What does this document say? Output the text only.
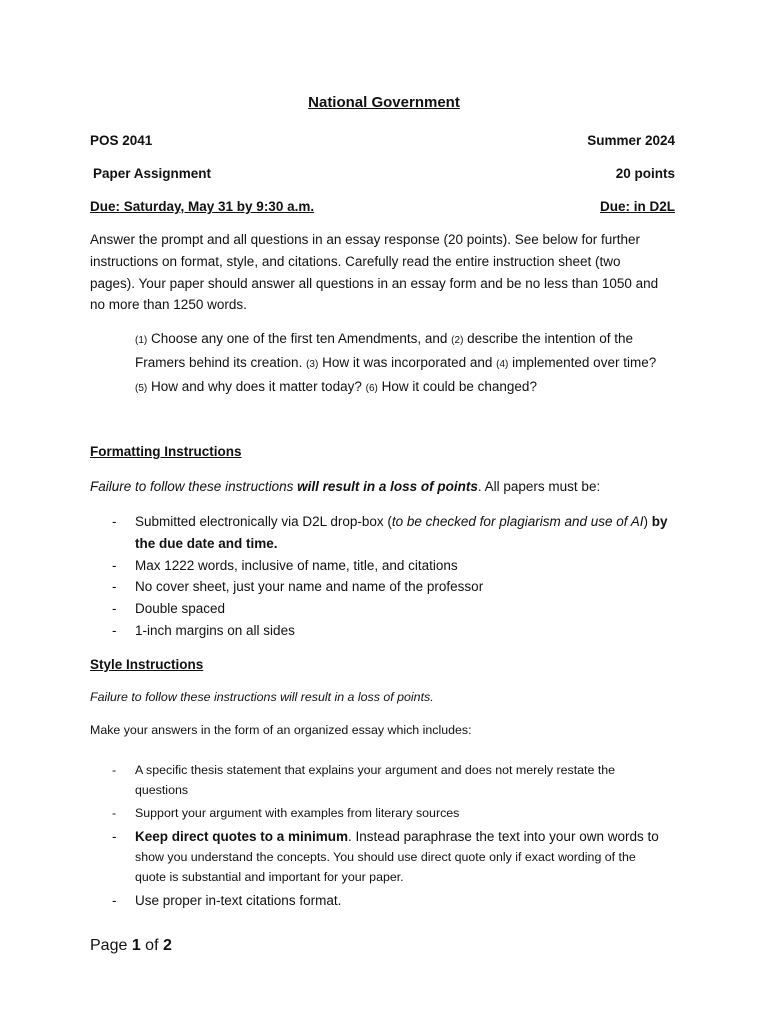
National Government
POS 2041	Summer 2024
Paper Assignment	20 points
Due: Saturday, May 31 by 9:30 a.m.	Due: in D2L
Answer the prompt and all questions in an essay response (20 points). See below for further
instructions on format, style, and citations. Carefully read the entire instruction sheet (two
pages). Your paper should answer all questions in an essay form and be no less than 1050 and
no more than 1250 words.
(1) Choose any one of the first ten Amendments, and (2) describe the intention of the
Framers behind its creation. (3) How it was incorporated and (4) implemented over time?
(5) How and why does it matter today? (6) How it could be changed?
Formatting Instructions
Failure to follow these instructions will result in a loss of points. All papers must be:
- Submitted electronically via D2L drop-box (to be checked for plagiarism and use of AI) by
the due date and time.
- Max 1222 words, inclusive of name, title, and citations
- No cover sheet, just your name and name of the professor
- Double spaced
- 1-inch margins on all sides
Style Instructions
Failure to follow these instructions will result in a loss of points.
Make your answers in the form of an organized essay which includes:
- A specific thesis statement that explains your argument and does not merely restate the
questions
- Support your argument with examples from literary sources
- Keep direct quotes to a minimum. Instead paraphrase the text into your own words to
show you understand the concepts. You should use direct quote only if exact wording of the
quote is substantial and important for your paper.
- Use proper in-text citations format.
Page 1 of 2
